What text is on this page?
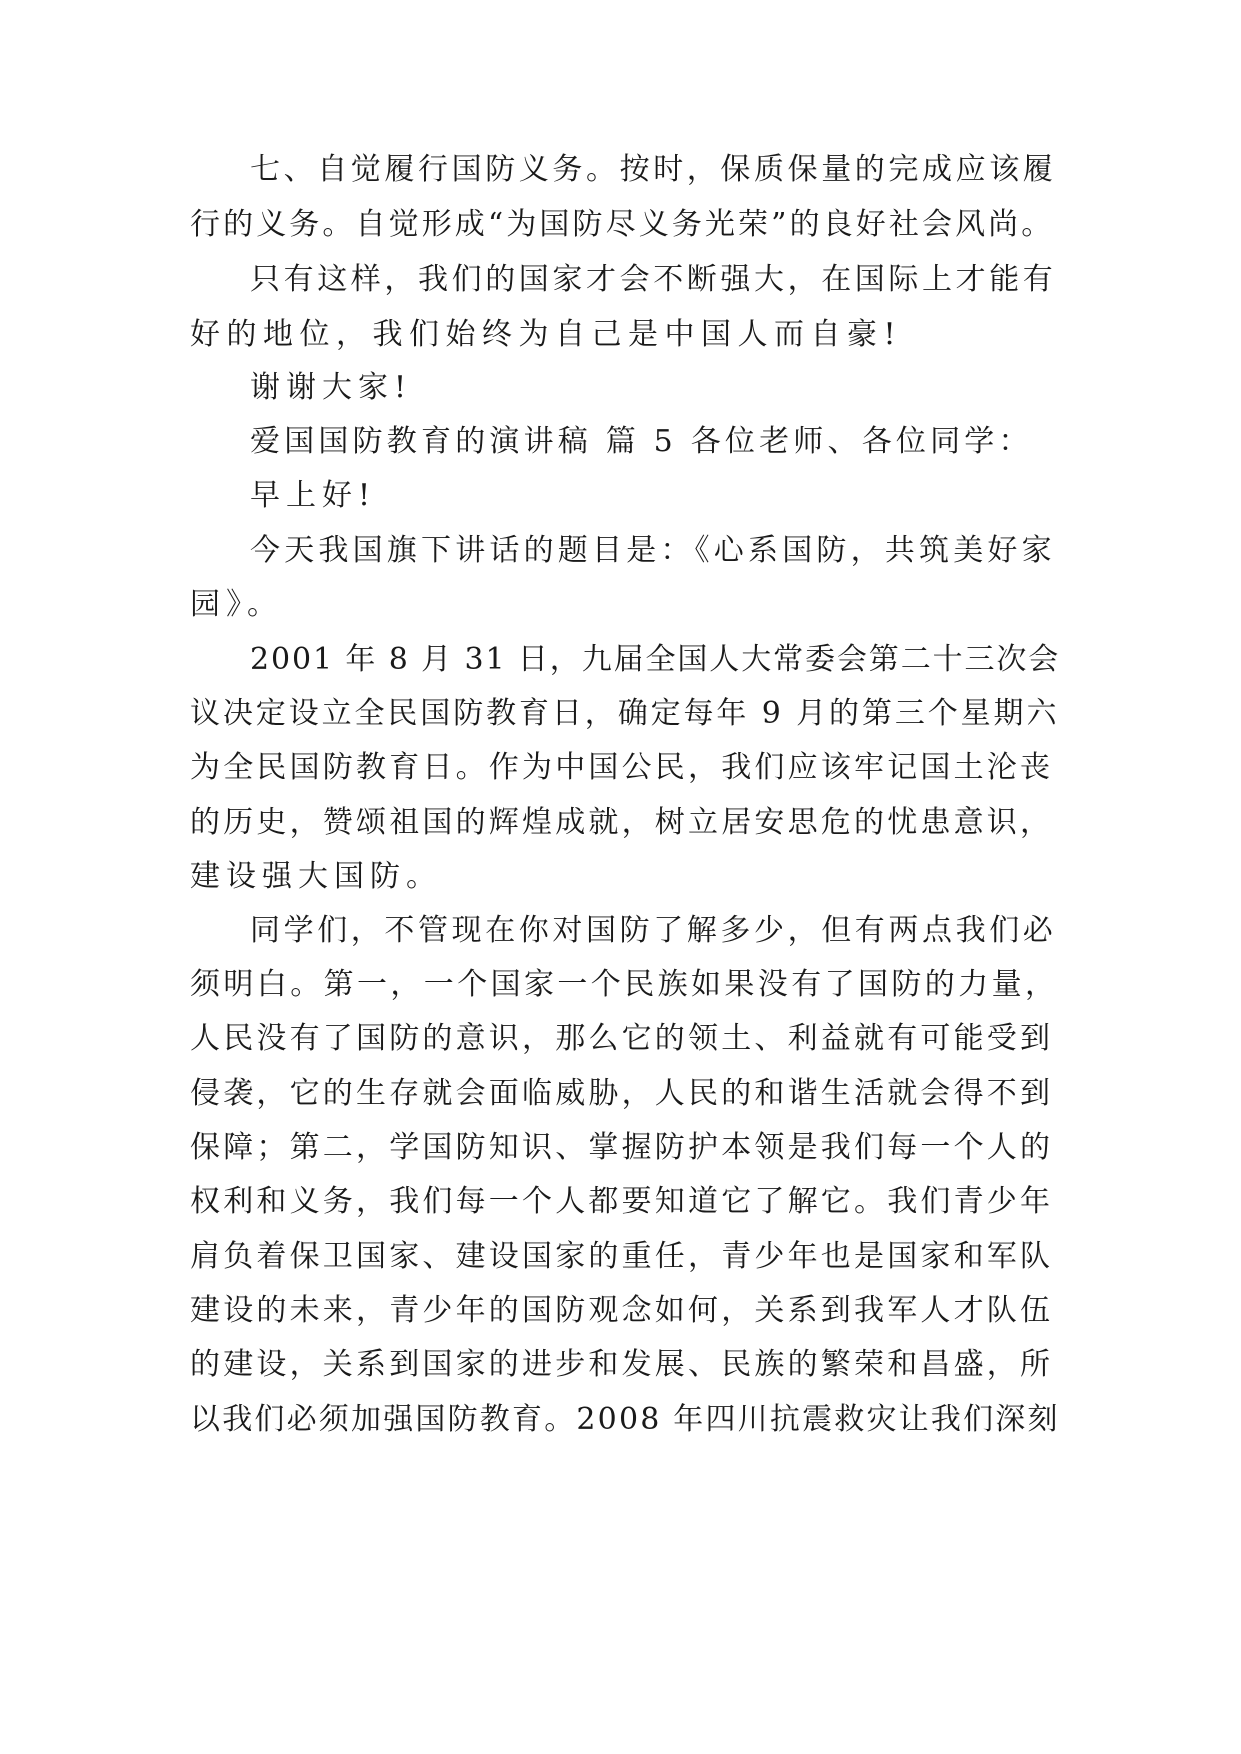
七、自觉履行国防义务。按时，保质保量的完成应该履
行的义务。自觉形成“为国防尽义务光荣”的良好社会风尚。
只有这样，我们的国家才会不断强大，在国际上才能有
好的地位，我们始终为自己是中国人而自豪!
谢谢大家!
爱国国防教育的演讲稿 篇 5 各位老师、各位同学：
早上好!
今天我国旗下讲话的题目是：《心系国防，共筑美好家
园》。
2001 年 8 月 31 日，九届全国人大常委会第二十三次会
议决定设立全民国防教育日，确定每年 9 月的第三个星期六
为全民国防教育日。作为中国公民，我们应该牢记国土沦丧
的历史，赞颂祖国的辉煌成就，树立居安思危的忧患意识，
建设强大国防。
同学们，不管现在你对国防了解多少，但有两点我们必
须明白。第一，一个国家一个民族如果没有了国防的力量，
人民没有了国防的意识，那么它的领土、利益就有可能受到
侵袭，它的生存就会面临威胁，人民的和谐生活就会得不到
保障；第二，学国防知识、掌握防护本领是我们每一个人的
权利和义务，我们每一个人都要知道它了解它。我们青少年
肩负着保卫国家、建设国家的重任，青少年也是国家和军队
建设的未来，青少年的国防观念如何，关系到我军人才队伍
的建设，关系到国家的进步和发展、民族的繁荣和昌盛，所
以我们必须加强国防教育。2008 年四川抗震救灾让我们深刻
